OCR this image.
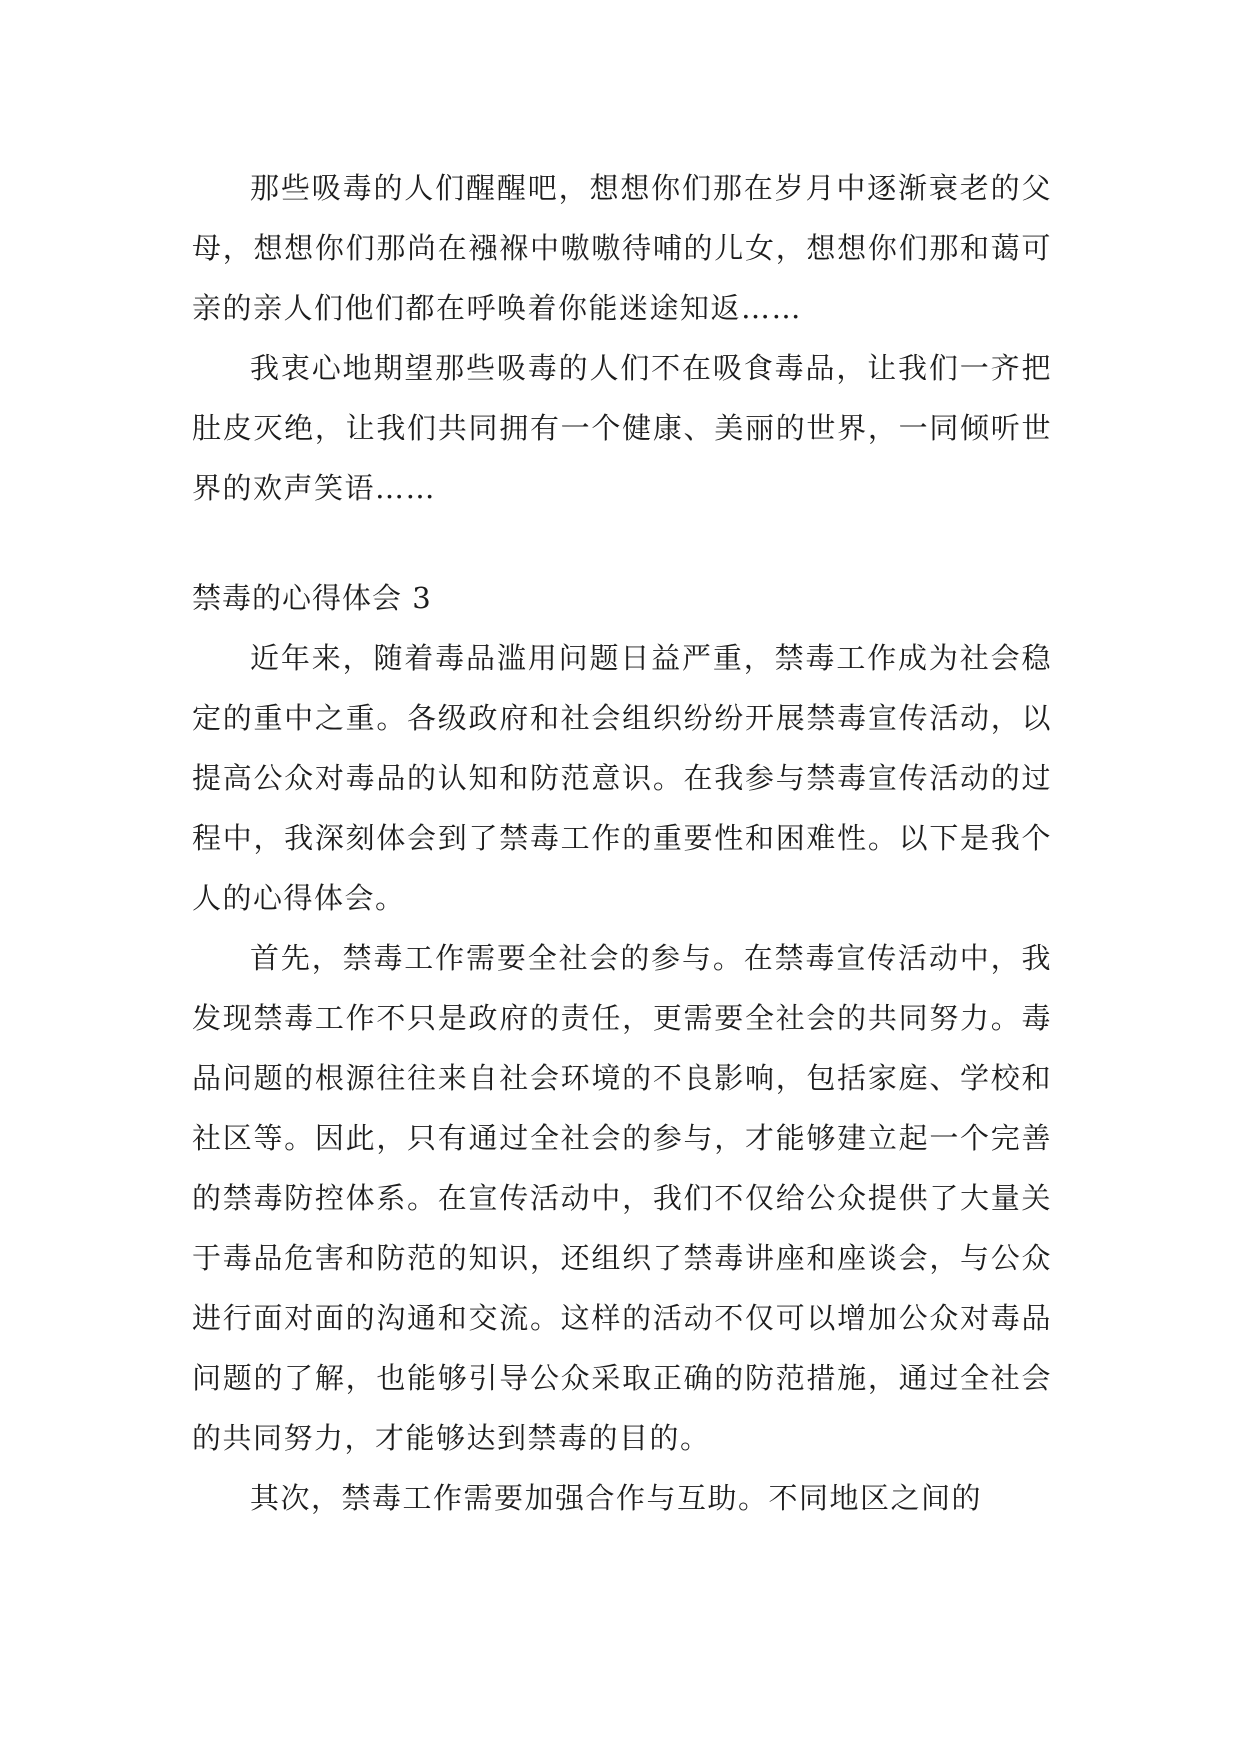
那些吸毒的人们醒醒吧，想想你们那在岁月中逐渐衰老的父母，想想你们那尚在襁褓中嗷嗷待哺的儿女，想想你们那和蔼可亲的亲人们他们都在呼唤着你能迷途知返……

我衷心地期望那些吸毒的人们不在吸食毒品，让我们一齐把肚皮灭绝，让我们共同拥有一个健康、美丽的世界，一同倾听世界的欢声笑语……

禁毒的心得体会 3

近年来，随着毒品滥用问题日益严重，禁毒工作成为社会稳定的重中之重。各级政府和社会组织纷纷开展禁毒宣传活动，以提高公众对毒品的认知和防范意识。在我参与禁毒宣传活动的过程中，我深刻体会到了禁毒工作的重要性和困难性。以下是我个人的心得体会。

首先，禁毒工作需要全社会的参与。在禁毒宣传活动中，我发现禁毒工作不只是政府的责任，更需要全社会的共同努力。毒品问题的根源往往来自社会环境的不良影响，包括家庭、学校和社区等。因此，只有通过全社会的参与，才能够建立起一个完善的禁毒防控体系。在宣传活动中，我们不仅给公众提供了大量关于毒品危害和防范的知识，还组织了禁毒讲座和座谈会，与公众进行面对面的沟通和交流。这样的活动不仅可以增加公众对毒品问题的了解，也能够引导公众采取正确的防范措施，通过全社会的共同努力，才能够达到禁毒的目的。

其次，禁毒工作需要加强合作与互助。不同地区之间的
